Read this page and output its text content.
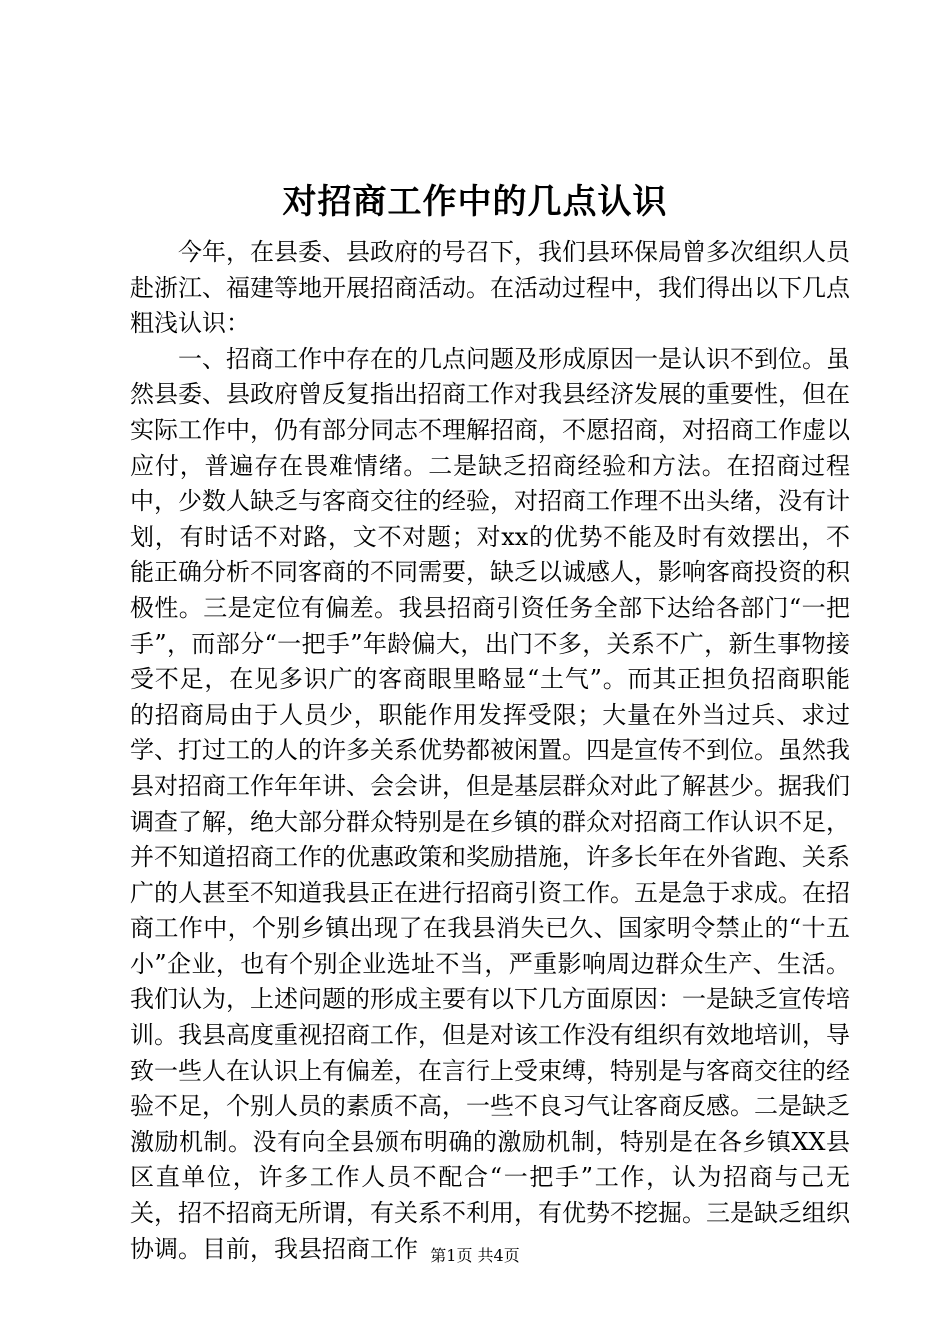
对招商工作中的几点认识

今年，在县委、县政府的号召下，我们县环保局曾多次组织人员赴浙江、福建等地开展招商活动。在活动过程中，我们得出以下几点粗浅认识：

一、招商工作中存在的几点问题及形成原因一是认识不到位。虽然县委、县政府曾反复指出招商工作对我县经济发展的重要性，但在实际工作中，仍有部分同志不理解招商，不愿招商，对招商工作虚以应付，普遍存在畏难情绪。二是缺乏招商经验和方法。在招商过程中，少数人缺乏与客商交往的经验，对招商工作理不出头绪，没有计划，有时话不对路，文不对题；对xx的优势不能及时有效摆出，不能正确分析不同客商的不同需要，缺乏以诚感人，影响客商投资的积极性。三是定位有偏差。我县招商引资任务全部下达给各部门“一把手”，而部分“一把手”年龄偏大，出门不多，关系不广，新生事物接受不足，在见多识广的客商眼里略显“土气”。而其正担负招商职能的招商局由于人员少，职能作用发挥受限；大量在外当过兵、求过学、打过工的人的许多关系优势都被闲置。四是宣传不到位。虽然我县对招商工作年年讲、会会讲，但是基层群众对此了解甚少。据我们调查了解，绝大部分群众特别是在乡镇的群众对招商工作认识不足，并不知道招商工作的优惠政策和奖励措施，许多长年在外省跑、关系广的人甚至不知道我县正在进行招商引资工作。五是急于求成。在招商工作中，个别乡镇出现了在我县消失已久、国家明令禁止的“十五小”企业，也有个别企业选址不当，严重影响周边群众生产、生活。我们认为，上述问题的形成主要有以下几方面原因：一是缺乏宣传培训。我县高度重视招商工作，但是对该工作没有组织有效地培训，导致一些人在认识上有偏差，在言行上受束缚，特别是与客商交往的经验不足，个别人员的素质不高，一些不良习气让客商反感。二是缺乏激励机制。没有向全县颁布明确的激励机制，特别是在各乡镇XX县区直单位，许多工作人员不配合“一把手”工作，认为招商与己无关，招不招商无所谓，有关系不利用，有优势不挖掘。三是缺乏组织协调。目前，我县招商工作 第1页 共4页
